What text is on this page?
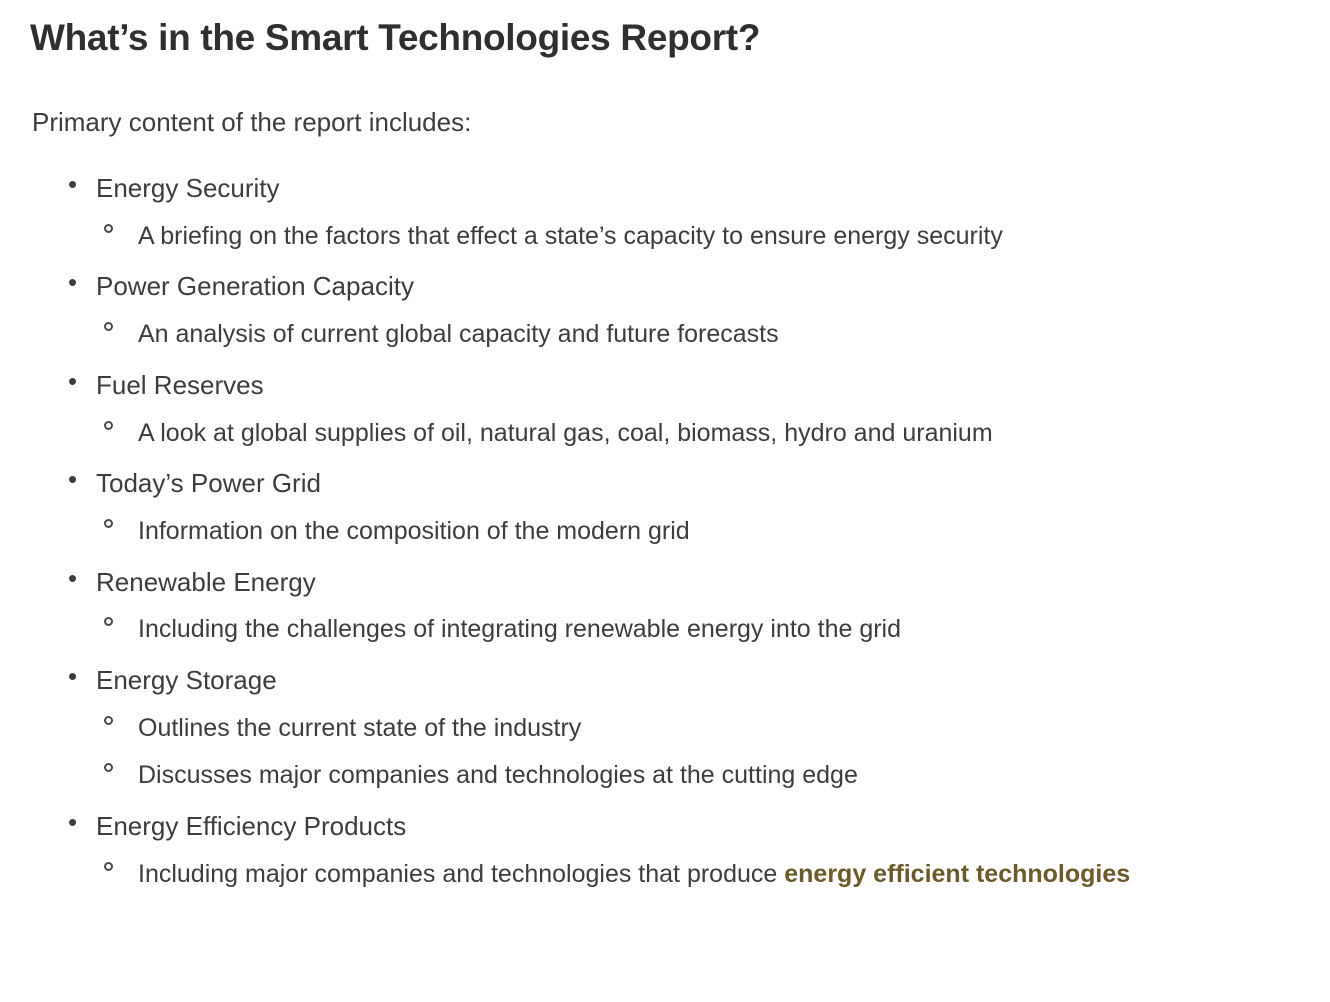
What’s in the Smart Technologies Report?

Primary content of the report includes:

• Energy Security
A briefing on the factors that effect a state’s capacity to ensure energy security
• Power Generation Capacity
An analysis of current global capacity and future forecasts
• Fuel Reserves
A look at global supplies of oil, natural gas, coal, biomass, hydro and uranium
• Today’s Power Grid
Information on the composition of the modern grid
• Renewable Energy
Including the challenges of integrating renewable energy into the grid
• Energy Storage
Outlines the current state of the industry
Discusses major companies and technologies at the cutting edge
• Energy Efficiency Products
Including major companies and technologies that produce energy efficient technologies
